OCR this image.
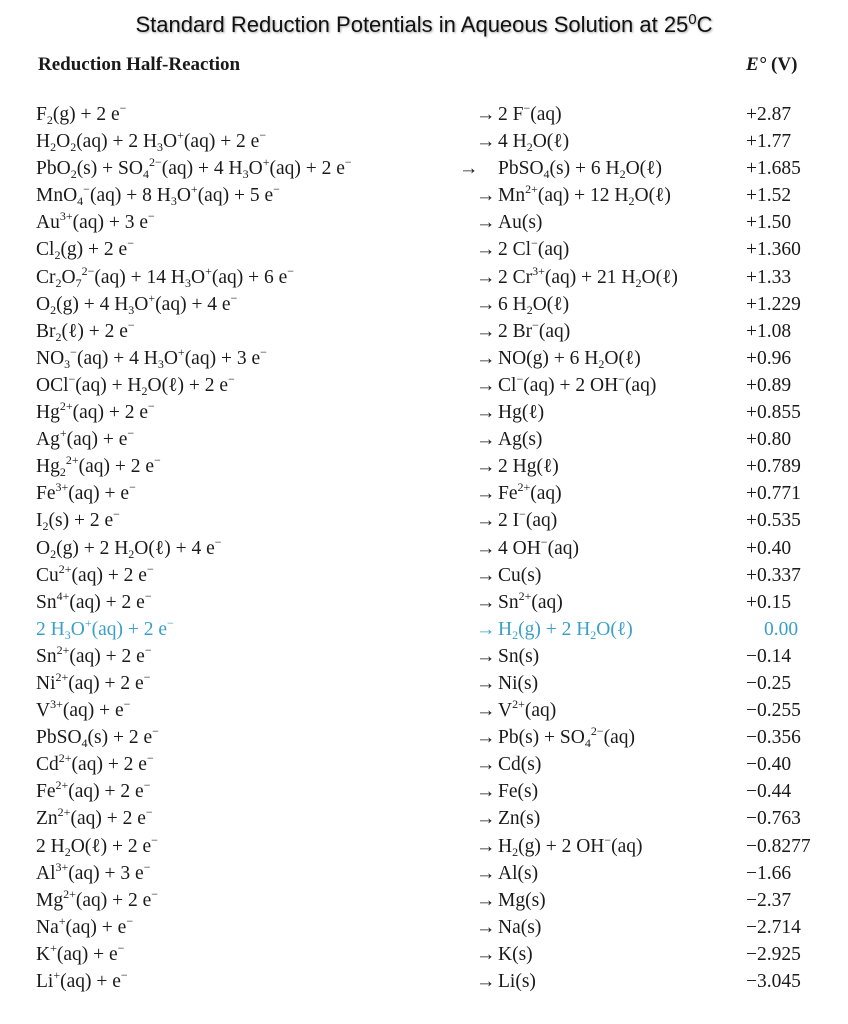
Standard Reduction Potentials in Aqueous Solution at $25^0C$
Reduction Half-Reaction	E° (V)
$F_2(g) + 2$ e−	→ 2 F−(aq)	+2.87
$H_2O_2(aq) + 2$ $H_3O^+(aq) + 2$ e−	→ 4 $H_2O(\ell)$	+1.77
$PbO_2(s) + SO_4^{2-}(aq) + 4$ $H_3O^+(aq) + 2$ e−	→ PbSO$_4$(s) + 6 $H_2O(\ell)$	+1.685
MnO$_4$−(aq) + 8 $H_3O^+(aq) + 5$ e−	→ $Mn^{2+}(aq) + 12$ $H_2O(\ell)$	+1.52
$Au^{3+}(aq) + 3$ e−	→ Au(s)	+1.50
$Cl_2(g) + 2$ e−	→ 2 Cl−(aq)	+1.360
$Cr_2O_7^{2-}(aq) + 14$ $H_3O^+(aq) + 6$ e−	→ 2 $Cr^{3+}(aq) + 21$ $H_2O(\ell)$	+1.33
$O_2(g) + 4$ $H_3O^+(aq) + 4$ e−	→ 6 $H_2O(\ell)$	+1.229
$Br_2(\ell) + 2$ e−	→ 2 Br−(aq)	+1.08
$NO_3^-(aq) + 4$ $H_3O^+(aq) + 3$ e−	→ NO(g) + 6 $H_2O(\ell)$	+0.96
$OCl^-(aq) + H_2O(\ell) + 2$ e−	→ Cl−(aq) + 2 OH−(aq)	+0.89
$Hg^{2+}(aq) + 2$ e−	→ Hg(ℓ)	+0.855
Ag+(aq) + e−	→ Ag(s)	+0.80
$Hg_2^{2+}(aq) + 2$ e−	→ 2 Hg(ℓ)	+0.789
$Fe^{3+}(aq) + e^-$	→ $Fe^{2+}(aq)$	+0.771
$I_2(s) + 2$ e−	→ 2 I−(aq)	+0.535
$O_2(g) + 2$ $H_2O(\ell) + 4$ e−	→ 4 OH−(aq)	+0.40
$Cu^{2+}(aq) + 2$ e−	→ Cu(s)	+0.337
$Sn^{4+}(aq) + 2$ e−	→ $Sn^{2+}(aq)$	+0.15
2 $H_3O^+(aq) + 2$ e−	→ $H_2(g) + 2$ $H_2O(\ell)$	0.00
$Sn^{2+}(aq) + 2$ e−	→ Sn(s)	−0.14
$Ni^{2+}(aq) + 2$ e−	→ Ni(s)	−0.25
$V^{3+}(aq) + e^-$	→ $V^{2+}(aq)$	−0.255
PbSO$_4$(s) + 2 e−	→ $Pb(s) + SO_4^{2-}(aq)$	−0.356
$Cd^{2+}(aq) + 2$ e−	→ Cd(s)	−0.40
$Fe^{2+}(aq) + 2$ e−	→ Fe(s)	−0.44
$Zn^{2+}(aq) + 2$ e−	→ Zn(s)	−0.763
2 $H_2O(\ell) + 2$ e−	→ $H_2(g) + 2$ OH−(aq)	−0.8277
$Al^{3+}(aq) + 3$ e−	→ Al(s)	−1.66
$Mg^{2+}(aq) + 2$ e−	→ Mg(s)	−2.37
Na+(aq) + e−	→ Na(s)	−2.714
K+(aq) + e−	→ K(s)	−2.925
Li+(aq) + e−	→ Li(s)	−3.045
